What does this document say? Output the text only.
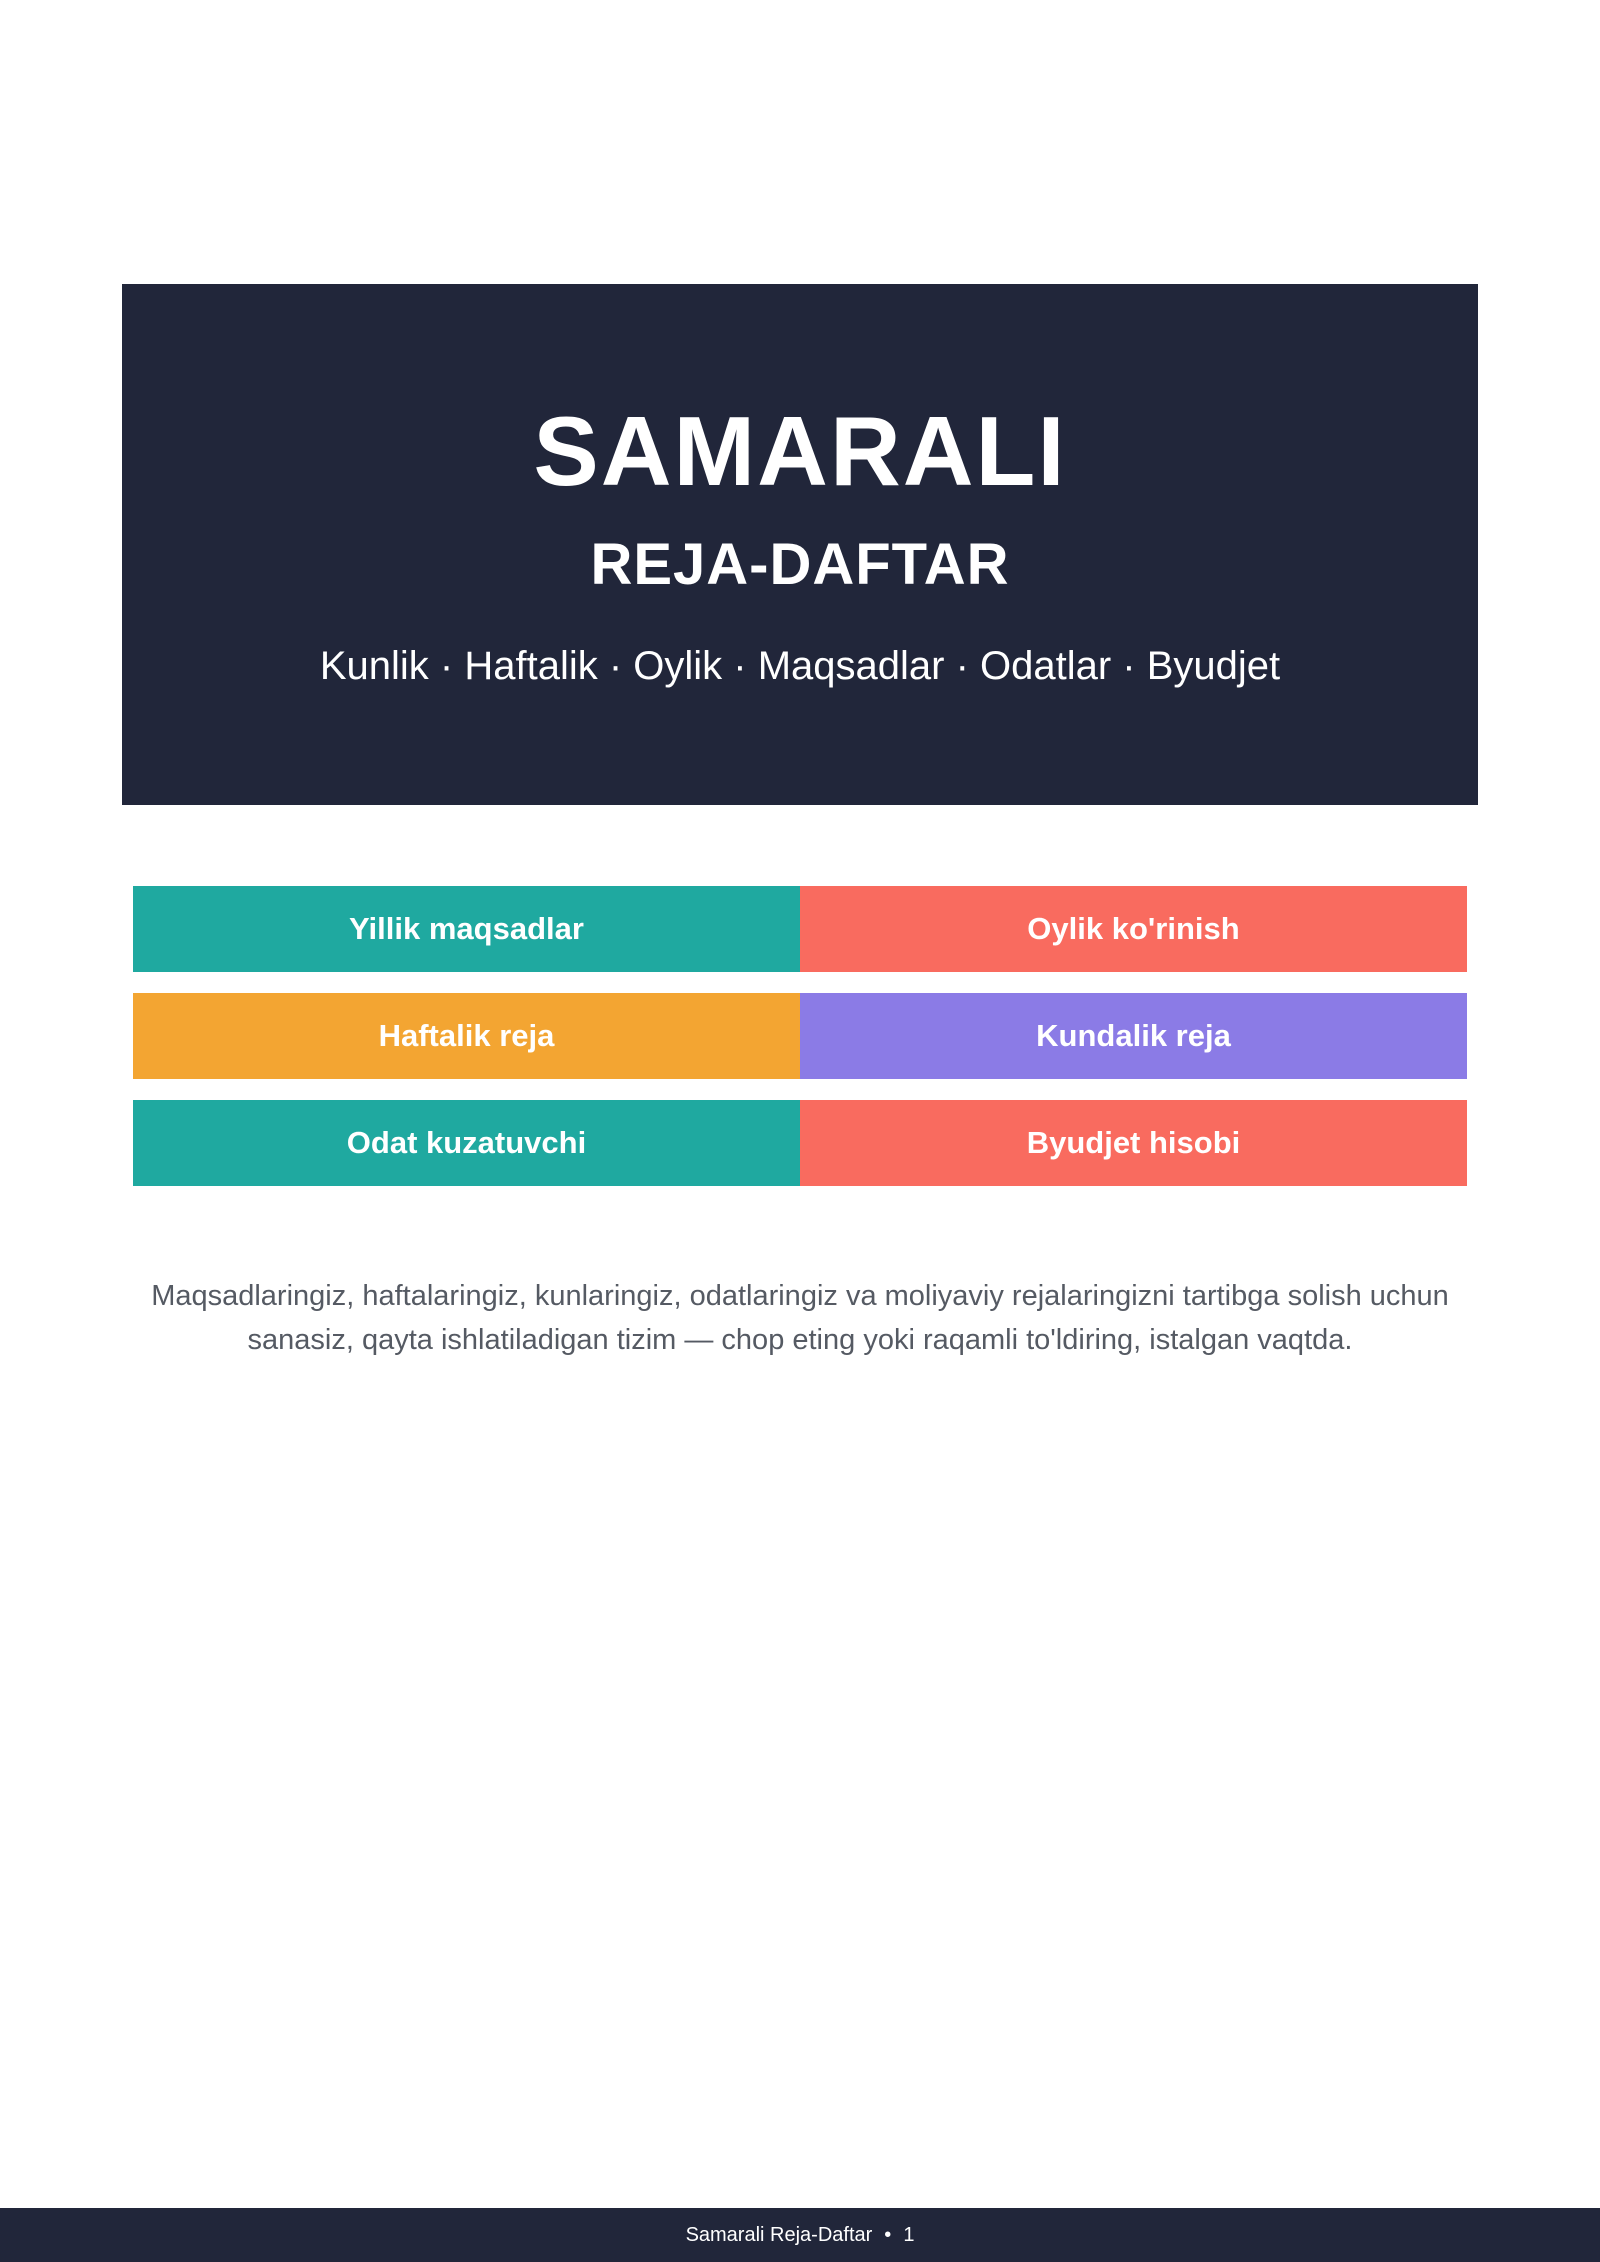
SAMARALI
REJA-DAFTAR

Kunlik · Haftalik · Oylik · Maqsadlar · Odatlar · Byudjet

Yillik maqsadlar	Oylik ko'rinish
Haftalik reja	Kundalik reja
Odat kuzatuvchi	Byudjet hisobi

Maqsadlaringiz, haftalaringiz, kunlaringiz, odatlaringiz va moliyaviy rejalaringizni tartibga solish uchun sanasiz, qayta ishlatiladigan tizim — chop eting yoki raqamli to'ldiring, istalgan vaqtda.

Samarali Reja-Daftar • 1
